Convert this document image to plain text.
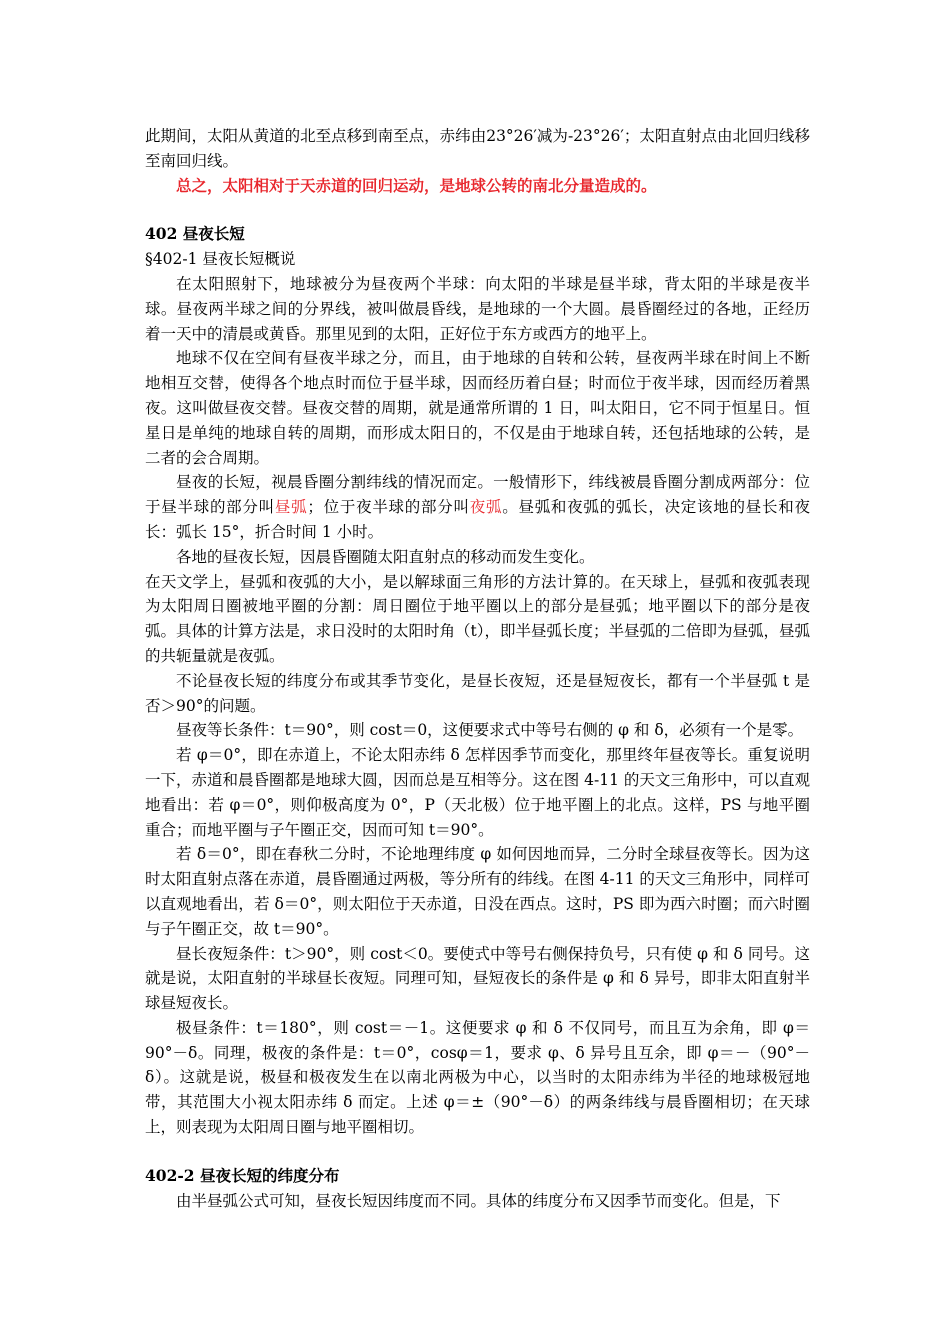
此期间，太阳从黄道的北至点移到南至点，赤纬由23°26′减为-23°26′；太阳直射点由北回归线移至南回归线。

总之，太阳相对于天赤道的回归运动，是地球公转的南北分量造成的。

402 昼夜长短

§402-1 昼夜长短概说

在太阳照射下，地球被分为昼夜两个半球：向太阳的半球是昼半球，背太阳的半球是夜半球。昼夜两半球之间的分界线，被叫做晨昏线，是地球的一个大圆。晨昏圈经过的各地，正经历着一天中的清晨或黄昏。那里见到的太阳，正好位于东方或西方的地平上。

地球不仅在空间有昼夜半球之分，而且，由于地球的自转和公转，昼夜两半球在时间上不断地相互交替，使得各个地点时而位于昼半球，因而经历着白昼；时而位于夜半球，因而经历着黑夜。这叫做昼夜交替。昼夜交替的周期，就是通常所谓的 1 日，叫太阳日，它不同于恒星日。恒星日是单纯的地球自转的周期，而形成太阳日的，不仅是由于地球自转，还包括地球的公转，是二者的会合周期。

昼夜的长短，视晨昏圈分割纬线的情况而定。一般情形下，纬线被晨昏圈分割成两部分：位于昼半球的部分叫昼弧；位于夜半球的部分叫夜弧。昼弧和夜弧的弧长，决定该地的昼长和夜长：弧长 15°，折合时间 1 小时。

各地的昼夜长短，因晨昏圈随太阳直射点的移动而发生变化。

在天文学上，昼弧和夜弧的大小，是以解球面三角形的方法计算的。在天球上，昼弧和夜弧表现为太阳周日圈被地平圈的分割：周日圈位于地平圈以上的部分是昼弧；地平圈以下的部分是夜弧。具体的计算方法是，求日没时的太阳时角（t），即半昼弧长度；半昼弧的二倍即为昼弧，昼弧的共轭量就是夜弧。

不论昼夜长短的纬度分布或其季节变化，是昼长夜短，还是昼短夜长，都有一个半昼弧 t 是否＞90°的问题。

昼夜等长条件：t＝90°，则 cost＝0，这便要求式中等号右侧的 φ 和 δ，必须有一个是零。

若 φ＝0°，即在赤道上，不论太阳赤纬 δ 怎样因季节而变化，那里终年昼夜等长。重复说明一下，赤道和晨昏圈都是地球大圆，因而总是互相等分。这在图 4-11 的天文三角形中，可以直观地看出：若 φ＝0°，则仰极高度为 0°，P（天北极）位于地平圈上的北点。这样，PS 与地平圈重合；而地平圈与子午圈正交，因而可知 t＝90°。

若 δ＝0°，即在春秋二分时，不论地理纬度 φ 如何因地而异，二分时全球昼夜等长。因为这时太阳直射点落在赤道，晨昏圈通过两极，等分所有的纬线。在图 4-11 的天文三角形中，同样可以直观地看出，若 δ＝0°，则太阳位于天赤道，日没在西点。这时，PS 即为西六时圈；而六时圈与子午圈正交，故 t＝90°。

昼长夜短条件：t＞90°，则 cost＜0。要使式中等号右侧保持负号，只有使 φ 和 δ 同号。这就是说，太阳直射的半球昼长夜短。同理可知，昼短夜长的条件是 φ 和 δ 异号，即非太阳直射半球昼短夜长。

极昼条件：t＝180°，则 cost＝－1。这便要求 φ 和 δ 不仅同号，而且互为余角，即 φ＝90°－δ。同理，极夜的条件是：t＝0°，cosφ＝1，要求 φ、δ 异号且互余，即 φ＝－（90°－δ）。这就是说，极昼和极夜发生在以南北两极为中心，以当时的太阳赤纬为半径的地球极冠地带，其范围大小视太阳赤纬 δ 而定。上述 φ＝±（90°－δ）的两条纬线与晨昏圈相切；在天球上，则表现为太阳周日圈与地平圈相切。

402-2 昼夜长短的纬度分布

由半昼弧公式可知，昼夜长短因纬度而不同。具体的纬度分布又因季节而变化。但是，下
